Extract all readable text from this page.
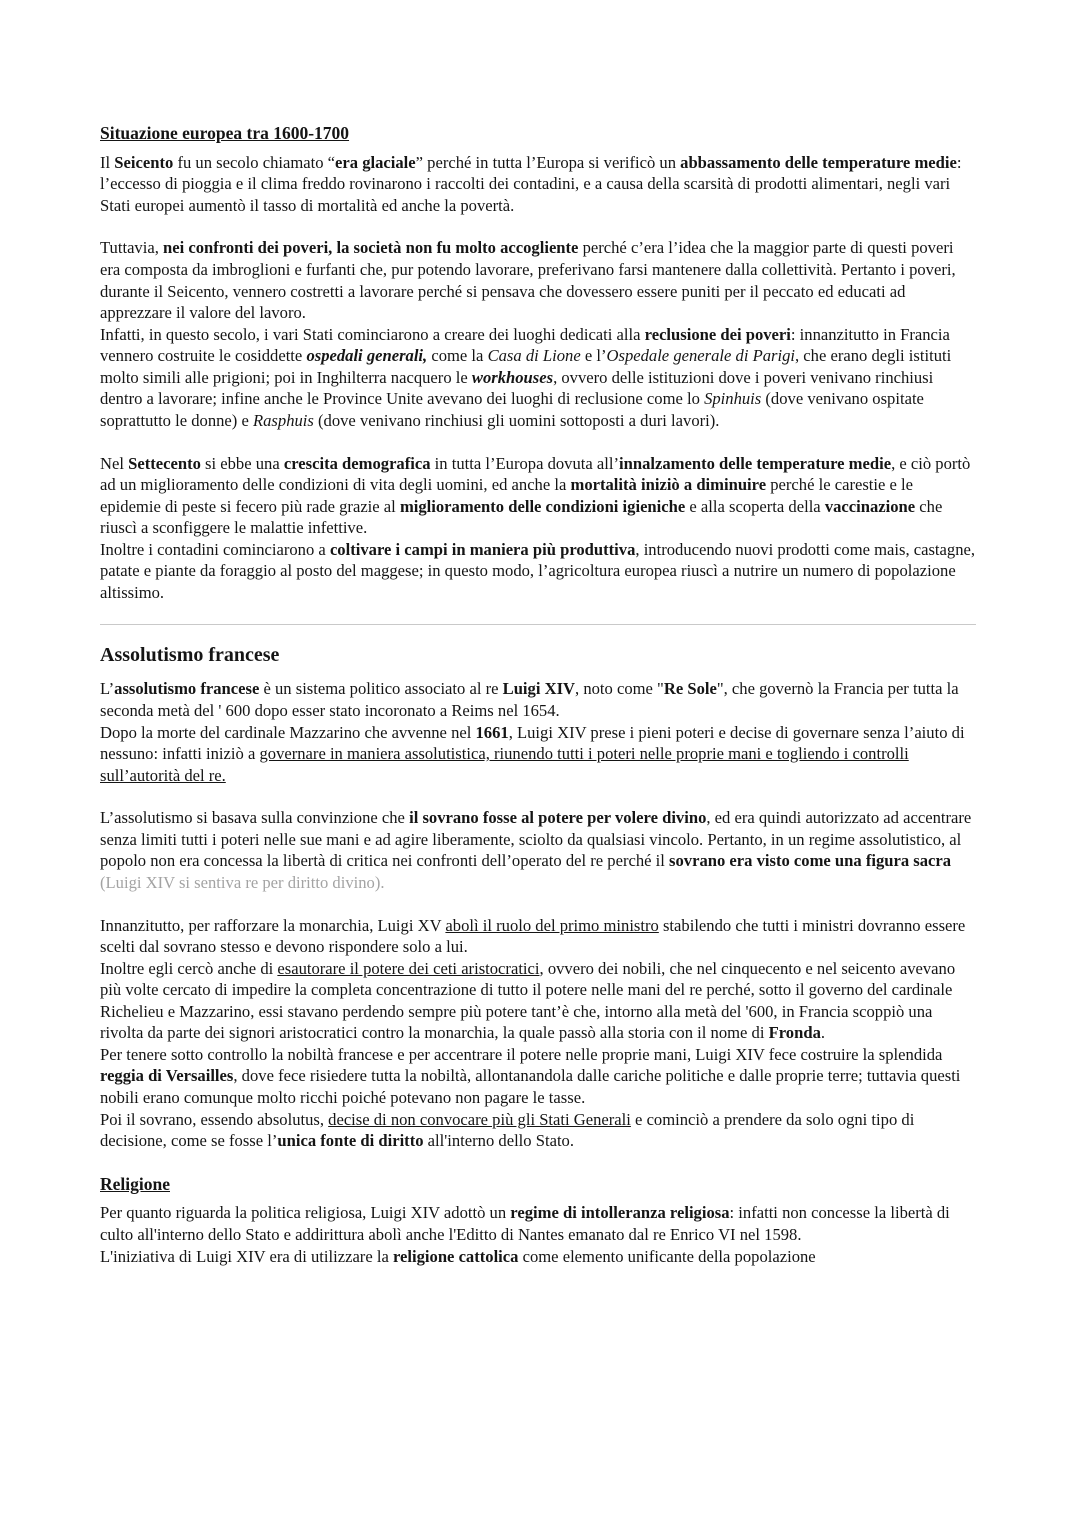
Situazione europea tra 1600-1700

Il Seicento fu un secolo chiamato “era glaciale” perché in tutta l’Europa si verificò un abbassamento delle temperature medie: l’eccesso di pioggia e il clima freddo rovinarono i raccolti dei contadini, e a causa della scarsità di prodotti alimentari, negli vari Stati europei aumentò il tasso di mortalità ed anche la povertà.

Tuttavia, nei confronti dei poveri, la società non fu molto accogliente perché c’era l’idea che la maggior parte di questi poveri era composta da imbroglioni e furfanti che, pur potendo lavorare, preferivano farsi mantenere dalla collettività. Pertanto i poveri, durante il Seicento, vennero costretti a lavorare perché si pensava che dovessero essere puniti per il peccato ed educati ad apprezzare il valore del lavoro.
Infatti, in questo secolo, i vari Stati cominciarono a creare dei luoghi dedicati alla reclusione dei poveri: innanzitutto in Francia vennero costruite le cosiddette ospedali generali, come la Casa di Lione e l’Ospedale generale di Parigi, che erano degli istituti molto simili alle prigioni; poi in Inghilterra nacquero le workhouses, ovvero delle istituzioni dove i poveri venivano rinchiusi dentro a lavorare; infine anche le Province Unite avevano dei luoghi di reclusione come lo Spinhuis (dove venivano ospitate soprattutto le donne) e Rasphuis (dove venivano rinchiusi gli uomini sottoposti a duri lavori).

Nel Settecento si ebbe una crescita demografica in tutta l’Europa dovuta all’innalzamento delle temperature medie, e ciò portò ad un miglioramento delle condizioni di vita degli uomini, ed anche la mortalità iniziò a diminuire perché le carestie e le epidemie di peste si fecero più rade grazie al miglioramento delle condizioni igieniche e alla scoperta della vaccinazione che riuscì a sconfiggere le malattie infettive.
Inoltre i contadini cominciarono a coltivare i campi in maniera più produttiva, introducendo nuovi prodotti come mais, castagne, patate e piante da foraggio al posto del maggese; in questo modo, l’agricoltura europea riuscì a nutrire un numero di popolazione altissimo.

Assolutismo francese

L’assolutismo francese è un sistema politico associato al re Luigi XIV, noto come "Re Sole", che governò la Francia per tutta la seconda metà del ' 600 dopo esser stato incoronato a Reims nel 1654.
Dopo la morte del cardinale Mazzarino che avvenne nel 1661, Luigi XIV prese i pieni poteri e decise di governare senza l’aiuto di nessuno: infatti iniziò a governare in maniera assolutistica, riunendo tutti i poteri nelle proprie mani e togliendo i controlli sull’autorità del re.

L’assolutismo si basava sulla convinzione che il sovrano fosse al potere per volere divino, ed era quindi autorizzato ad accentrare senza limiti tutti i poteri nelle sue mani e ad agire liberamente, sciolto da qualsiasi vincolo. Pertanto, in un regime assolutistico, al popolo non era concessa la libertà di critica nei confronti dell’operato del re perché il sovrano era visto come una figura sacra (Luigi XIV si sentiva re per diritto divino).

Innanzitutto, per rafforzare la monarchia, Luigi XV abolì il ruolo del primo ministro stabilendo che tutti i ministri dovranno essere scelti dal sovrano stesso e devono rispondere solo a lui.
Inoltre egli cercò anche di esautorare il potere dei ceti aristocratici, ovvero dei nobili, che nel cinquecento e nel seicento avevano più volte cercato di impedire la completa concentrazione di tutto il potere nelle mani del re perché, sotto il governo del cardinale Richelieu e Mazzarino, essi stavano perdendo sempre più potere tant’è che, intorno alla metà del '600, in Francia scoppiò una rivolta da parte dei signori aristocratici contro la monarchia, la quale passò alla storia con il nome di Fronda.
Per tenere sotto controllo la nobiltà francese e per accentrare il potere nelle proprie mani, Luigi XIV fece costruire la splendida reggia di Versailles, dove fece risiedere tutta la nobiltà, allontanandola dalle cariche politiche e dalle proprie terre; tuttavia questi nobili erano comunque molto ricchi poiché potevano non pagare le tasse.
Poi il sovrano, essendo absolutus, decise di non convocare più gli Stati Generali e cominciò a prendere da solo ogni tipo di decisione, come se fosse l’unica fonte di diritto all'interno dello Stato.

Religione

Per quanto riguarda la politica religiosa, Luigi XIV adottò un regime di intolleranza religiosa: infatti non concesse la libertà di culto all'interno dello Stato e addirittura abolì anche l'Editto di Nantes emanato dal re Enrico VI nel 1598.
L'iniziativa di Luigi XIV era di utilizzare la religione cattolica come elemento unificante della popolazione
